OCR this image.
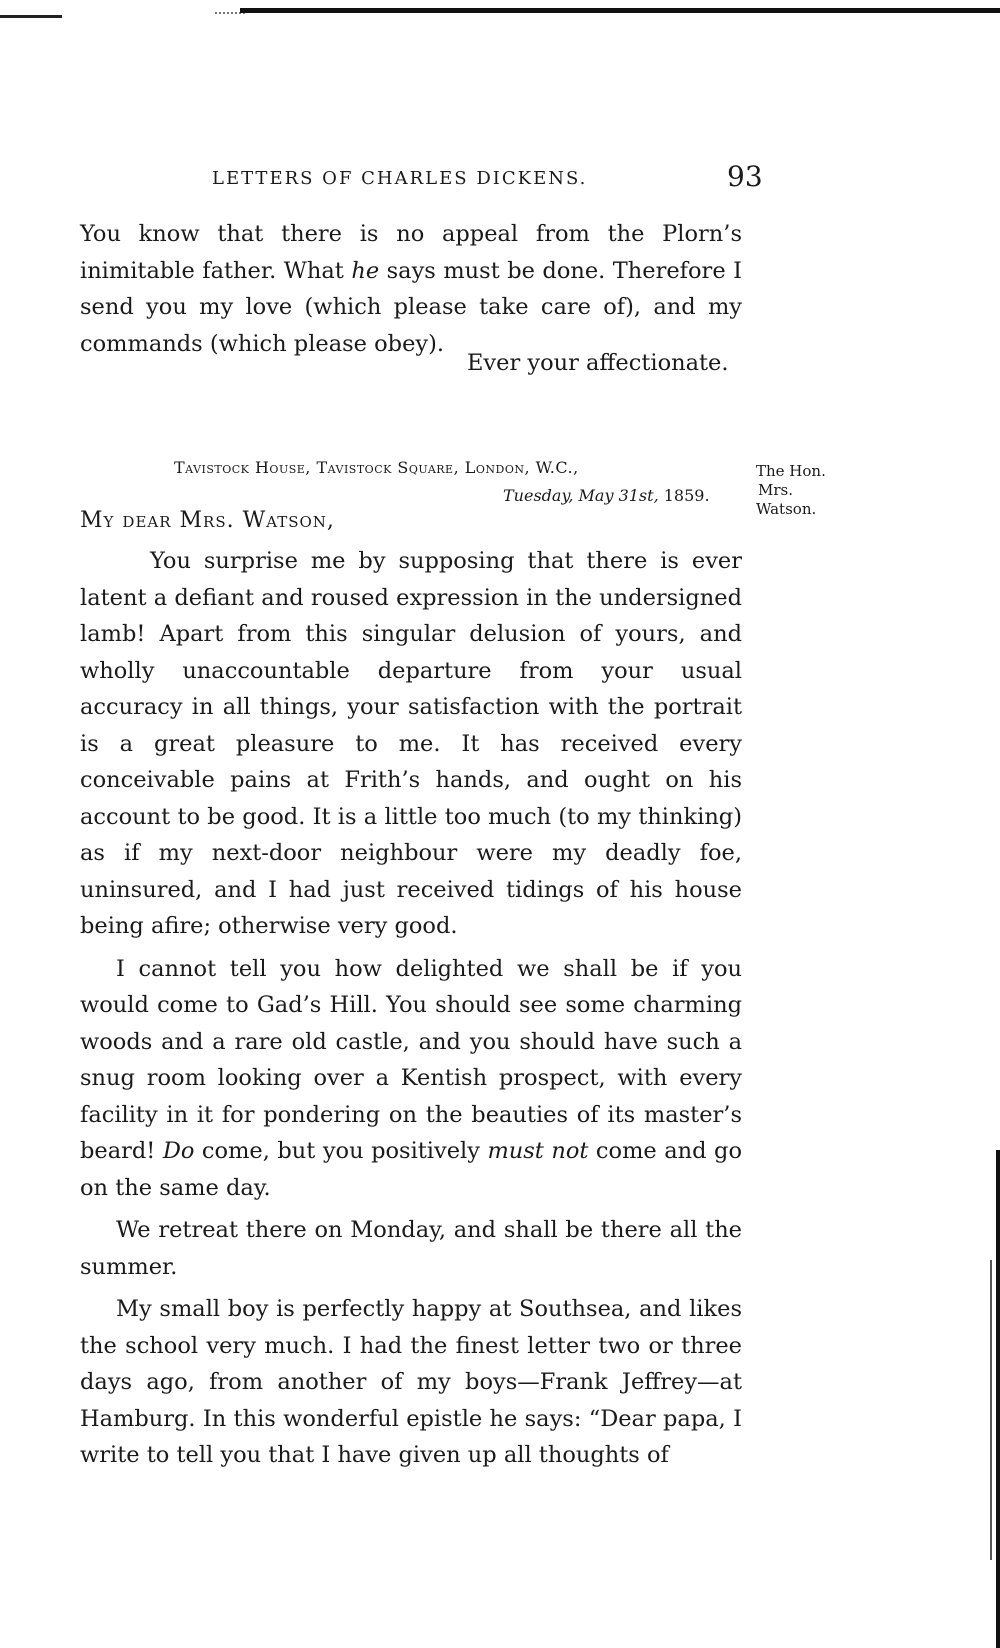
LETTERS OF CHARLES DICKENS.	93

You know that there is no appeal from the Plorn’s inimitable father. What he says must be done. Therefore I send you my love (which please take care of), and my commands (which please obey).

Ever your affectionate.
Tavistock House, Tavistock Square, London, W.C.,
Tuesday, May 31st, 1859.
The Hon.
Mrs.
Watson.
My dear Mrs. Watson,

You surprise me by supposing that there is ever latent a defiant and roused expression in the undersigned lamb! Apart from this singular delusion of yours, and wholly unaccountable departure from your usual accuracy in all things, your satisfaction with the portrait is a great pleasure to me. It has received every conceivable pains at Frith’s hands, and ought on his account to be good. It is a little too much (to my thinking) as if my next-door neighbour were my deadly foe, uninsured, and I had just received tidings of his house being afire; otherwise very good.

I cannot tell you how delighted we shall be if you would come to Gad’s Hill. You should see some charming woods and a rare old castle, and you should have such a snug room looking over a Kentish prospect, with every facility in it for pondering on the beauties of its master’s beard! Do come, but you positively must not come and go on the same day.

We retreat there on Monday, and shall be there all the summer.

My small boy is perfectly happy at Southsea, and likes the school very much. I had the finest letter two or three days ago, from another of my boys—Frank Jeffrey—at Hamburg. In this wonderful epistle he says: “Dear papa, I write to tell you that I have given up all thoughts of
